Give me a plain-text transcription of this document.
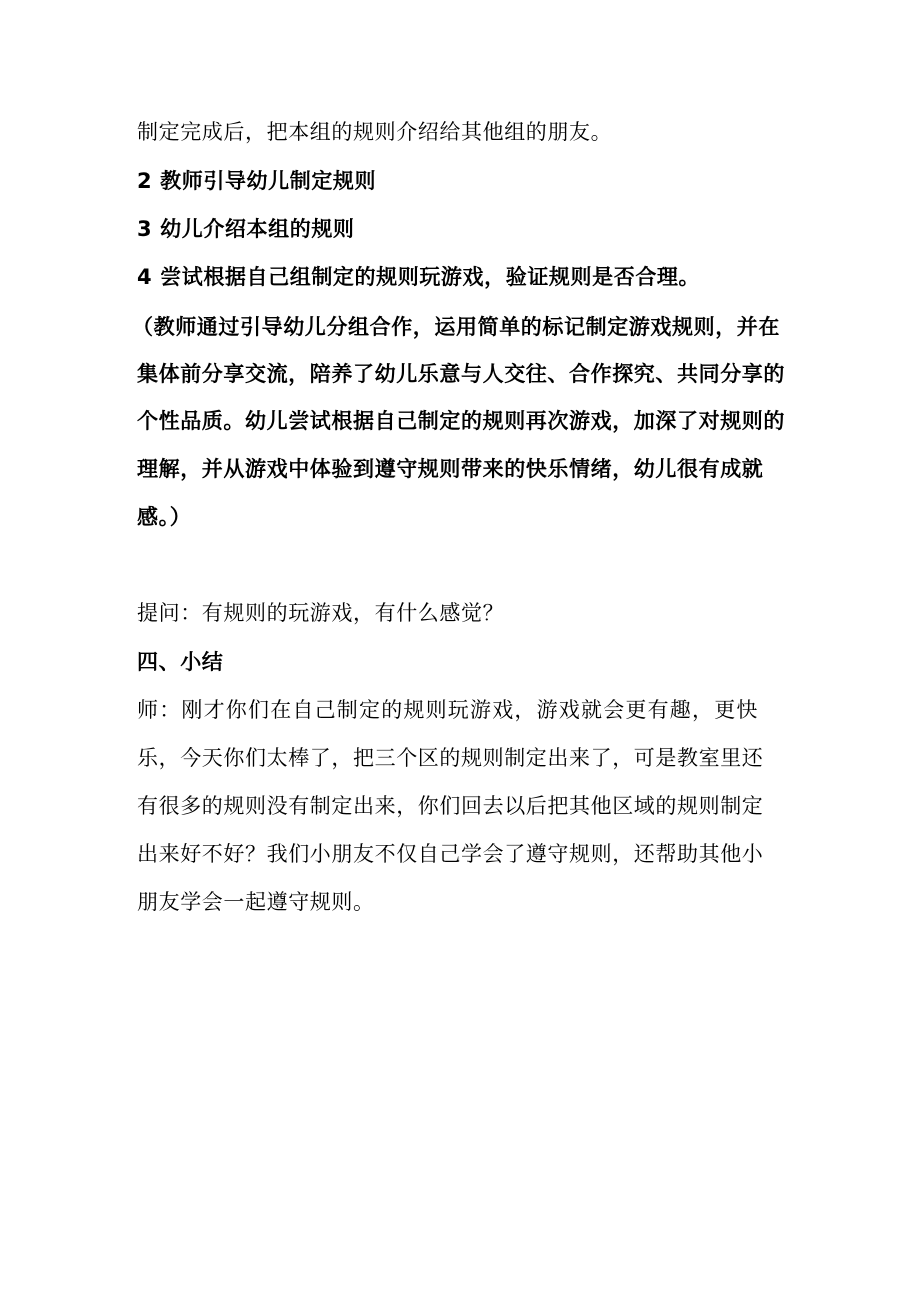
制定完成后，把本组的规则介绍给其他组的朋友。
2 教师引导幼儿制定规则
3 幼儿介绍本组的规则
4 尝试根据自己组制定的规则玩游戏，验证规则是否合理。
（教师通过引导幼儿分组合作，运用简单的标记制定游戏规则，并在
集体前分享交流，陪养了幼儿乐意与人交往、合作探究、共同分享的
个性品质。幼儿尝试根据自己制定的规则再次游戏，加深了对规则的
理解，并从游戏中体验到遵守规则带来的快乐情绪，幼儿很有成就
感。）
提问：有规则的玩游戏，有什么感觉？
四、小结
师：刚才你们在自己制定的规则玩游戏，游戏就会更有趣，更快
乐，今天你们太棒了，把三个区的规则制定出来了，可是教室里还
有很多的规则没有制定出来，你们回去以后把其他区域的规则制定
出来好不好？我们小朋友不仅自己学会了遵守规则，还帮助其他小
朋友学会一起遵守规则。
